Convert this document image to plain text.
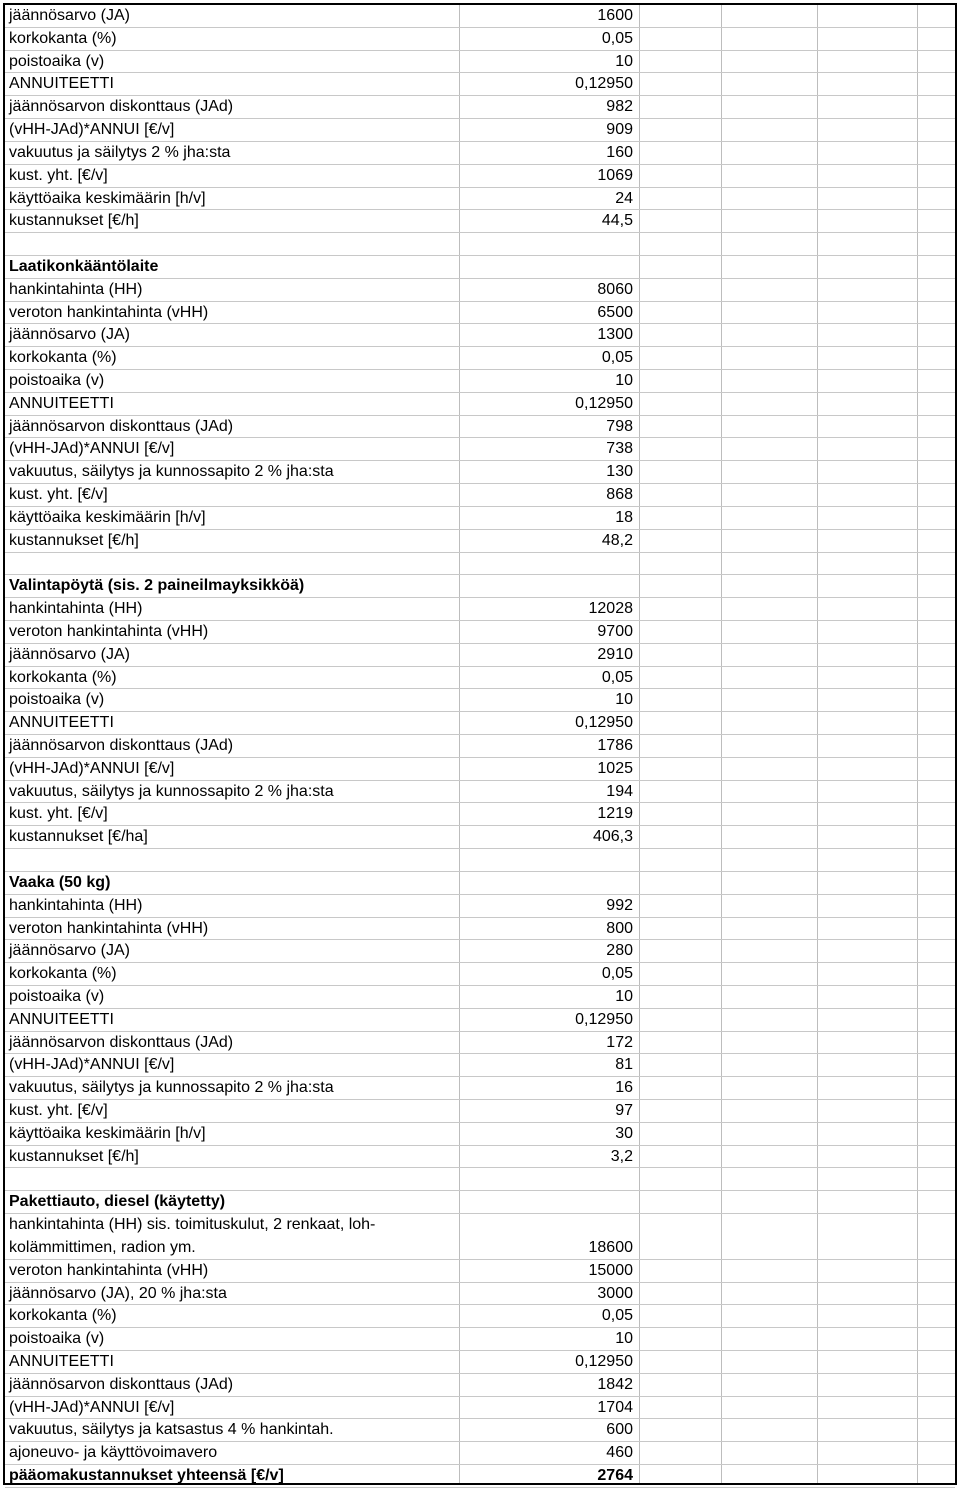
jäännösarvo (JA)	1600
korkokanta (%)	0,05
poistoaika (v)	10
ANNUITEETTI	0,12950
jäännösarvon diskonttaus (JAd)	982
(vHH-JAd)*ANNUI [€/v]	909
vakuutus ja säilytys 2 % jha:sta	160
kust. yht. [€/v]	1069
käyttöaika keskimäärin [h/v]	24
kustannukset [€/h]	44,5
Laatikonkääntölaite
hankintahinta (HH)	8060
veroton hankintahinta (vHH)	6500
jäännösarvo (JA)	1300
korkokanta (%)	0,05
poistoaika (v)	10
ANNUITEETTI	0,12950
jäännösarvon diskonttaus (JAd)	798
(vHH-JAd)*ANNUI [€/v]	738
vakuutus, säilytys ja kunnossapito 2 % jha:sta	130
kust. yht. [€/v]	868
käyttöaika keskimäärin [h/v]	18
kustannukset [€/h]	48,2
Valintapöytä (sis. 2 paineilmayksikköä)
hankintahinta (HH)	12028
veroton hankintahinta (vHH)	9700
jäännösarvo (JA)	2910
korkokanta (%)	0,05
poistoaika (v)	10
ANNUITEETTI	0,12950
jäännösarvon diskonttaus (JAd)	1786
(vHH-JAd)*ANNUI [€/v]	1025
vakuutus, säilytys ja kunnossapito 2 % jha:sta	194
kust. yht. [€/v]	1219
kustannukset [€/ha]	406,3
Vaaka (50 kg)
hankintahinta (HH)	992
veroton hankintahinta (vHH)	800
jäännösarvo (JA)	280
korkokanta (%)	0,05
poistoaika (v)	10
ANNUITEETTI	0,12950
jäännösarvon diskonttaus (JAd)	172
(vHH-JAd)*ANNUI [€/v]	81
vakuutus, säilytys ja kunnossapito 2 % jha:sta	16
kust. yht. [€/v]	97
käyttöaika keskimäärin [h/v]	30
kustannukset [€/h]	3,2
Pakettiauto, diesel (käytetty)
hankintahinta (HH) sis. toimituskulut, 2 renkaat, loh-
kolämmittimen, radion ym.	18600
veroton hankintahinta (vHH)	15000
jäännösarvo (JA), 20 % jha:sta	3000
korkokanta (%)	0,05
poistoaika (v)	10
ANNUITEETTI	0,12950
jäännösarvon diskonttaus (JAd)	1842
(vHH-JAd)*ANNUI [€/v]	1704
vakuutus, säilytys ja katsastus 4 % hankintah.	600
ajoneuvo- ja käyttövoimavero	460
pääomakustannukset yhteensä [€/v]	2764
